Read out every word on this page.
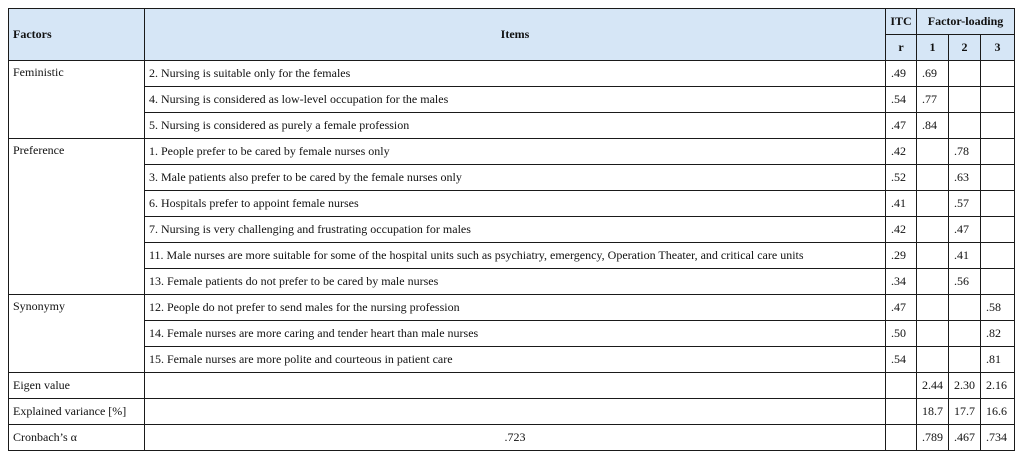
Factors	Items	ITC	Factor-loading		
		r	1	2	3
Feministic	2. Nursing is suitable only for the females	.49	.69		
	4. Nursing is considered as low-level occupation for the males	.54	.77		
	5. Nursing is considered as purely a female profession	.47	.84		
Preference	1. People prefer to be cared by female nurses only	.42		.78	
	3. Male patients also prefer to be cared by the female nurses only	.52		.63	
	6. Hospitals prefer to appoint female nurses	.41		.57	
	7. Nursing is very challenging and frustrating occupation for males	.42		.47	
	11. Male nurses are more suitable for some of the hospital units such as psychiatry, emergency, Operation Theater, and critical care units	.29		.41	
	13. Female patients do not prefer to be cared by male nurses	.34		.56	
Synonymy	12. People do not prefer to send males for the nursing profession	.47			.58
	14. Female nurses are more caring and tender heart than male nurses	.50			.82
	15. Female nurses are more polite and courteous in patient care	.54			.81
Eigen value			2.44	2.30	2.16
Explained variance [%]			18.7	17.7	16.6
Cronbach’s α	.723		.789	.467	.734
